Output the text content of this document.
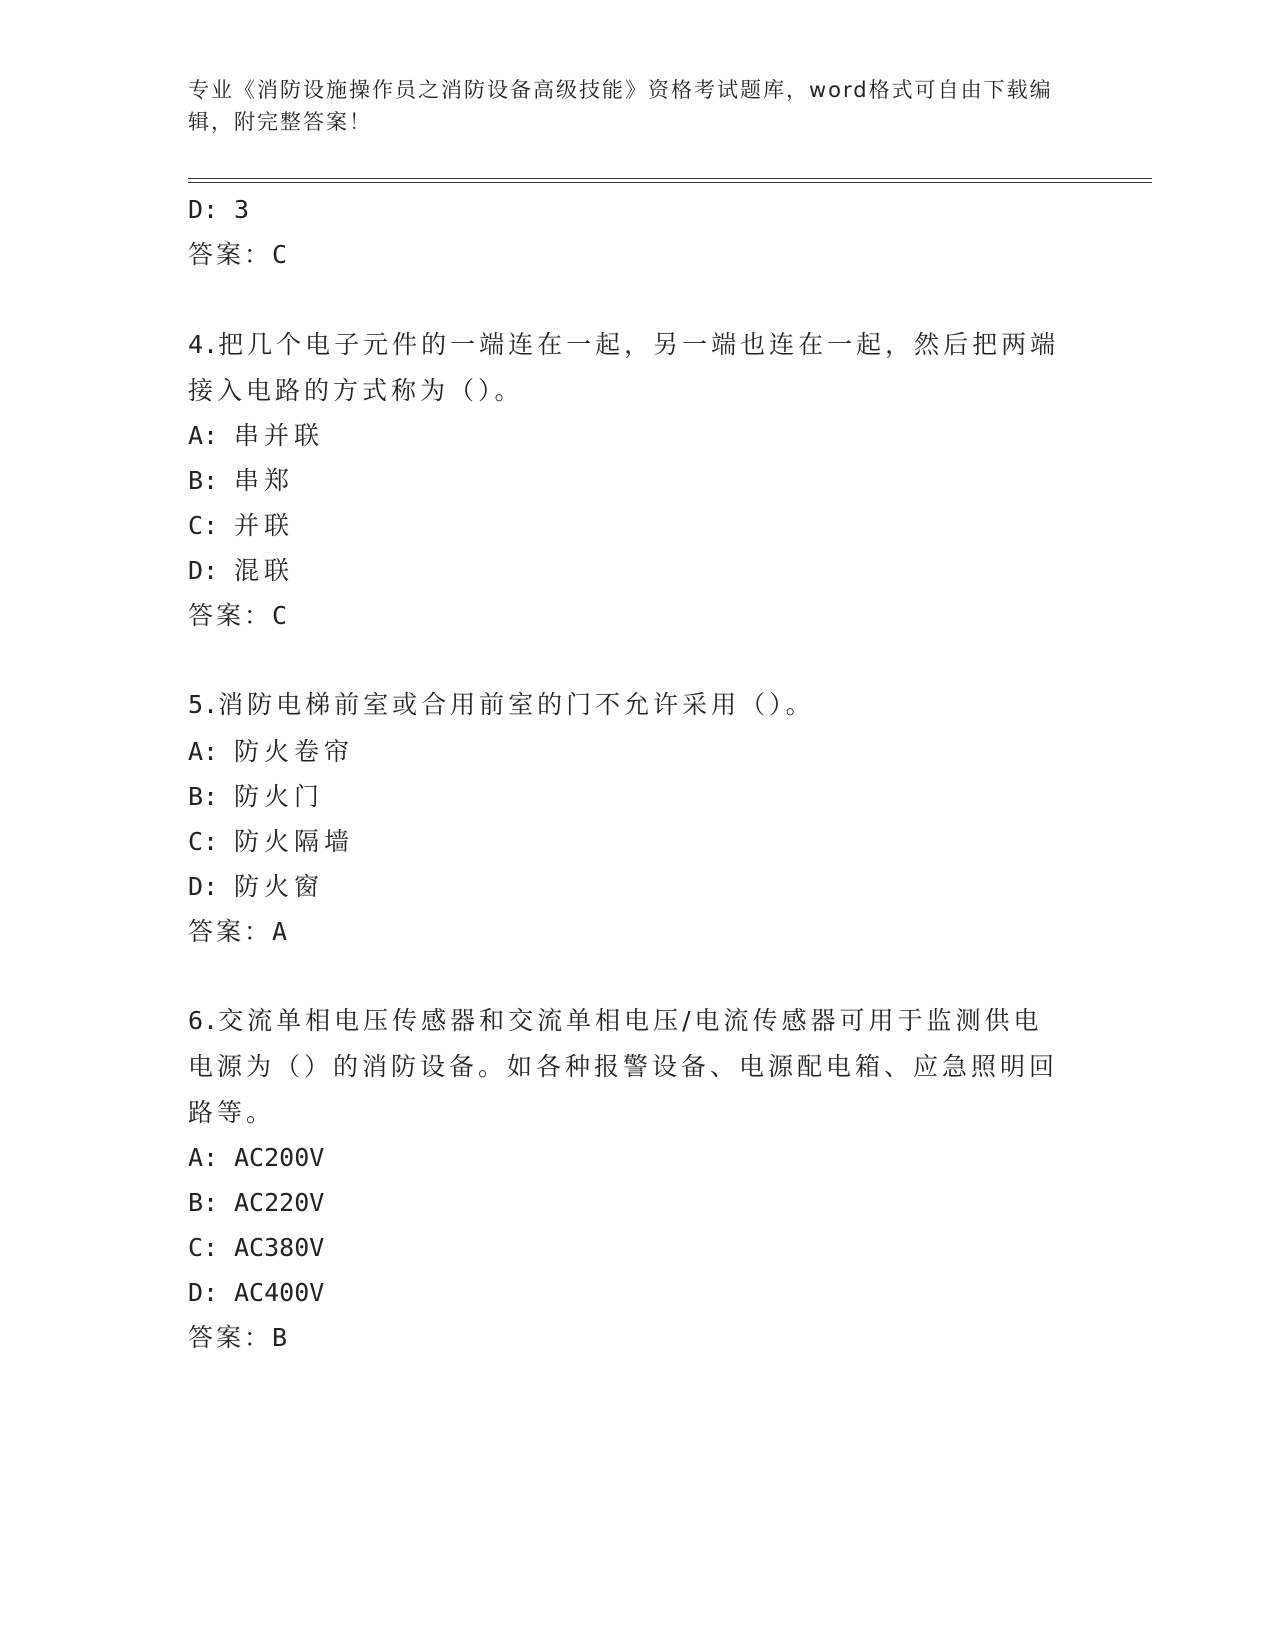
专业《消防设施操作员之消防设备高级技能》资格考试题库，word格式可自由下载编辑，附完整答案！
D: 3
答案：C
4.把几个电子元件的一端连在一起，另一端也连在一起，然后把两端接入电路的方式称为（）。
A: 串并联
B: 串郑
C: 并联
D: 混联
答案：C
5.消防电梯前室或合用前室的门不允许采用（）。
A: 防火卷帘
B: 防火门
C: 防火隔墙
D: 防火窗
答案：A
6.交流单相电压传感器和交流单相电压/电流传感器可用于监测供电电源为（）的消防设备。如各种报警设备、电源配电箱、应急照明回路等。
A: AC200V
B: AC220V
C: AC380V
D: AC400V
答案：B
